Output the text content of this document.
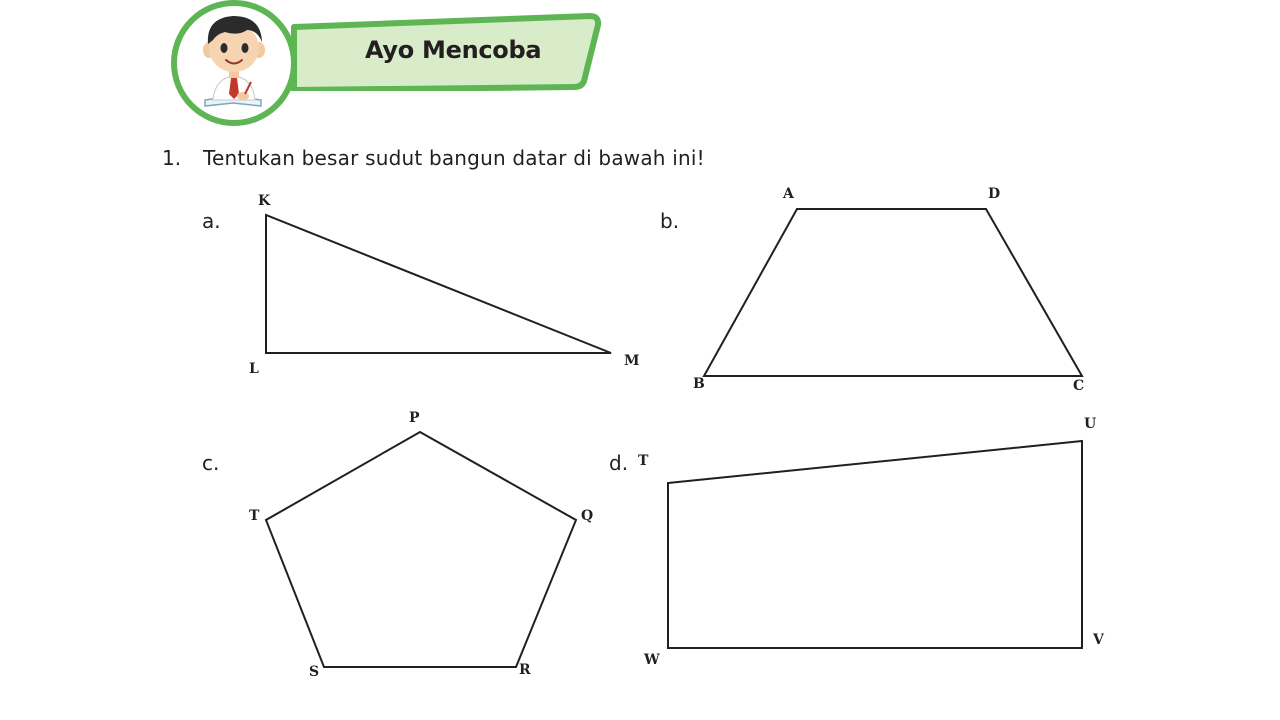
Ayo Mencoba
1. Tentukan besar sudut bangun datar di bawah ini!
a.	b.
c.	d.
K
L	M
A	D
B	C
P
T	Q
S	R
T
U
W
V
